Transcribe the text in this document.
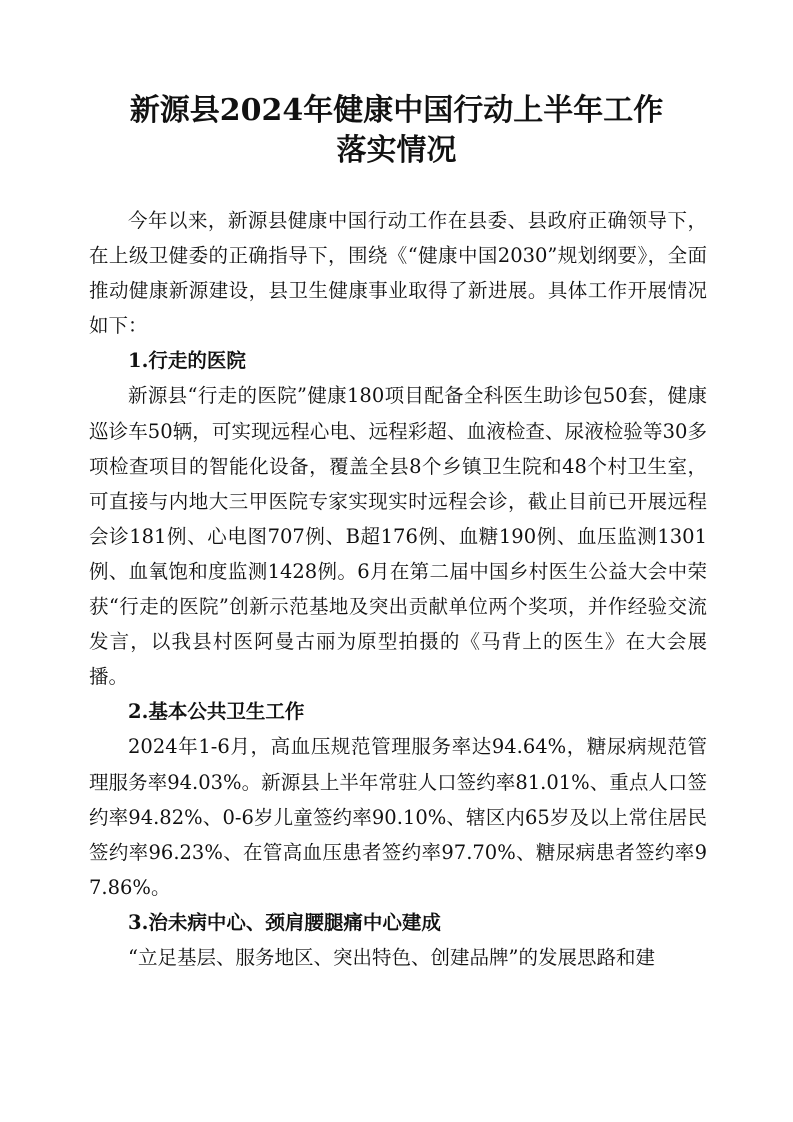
新源县2024年健康中国行动上半年工作
落实情况

今年以来，新源县健康中国行动工作在县委、县政府正确领导下，在上级卫健委的正确指导下，围绕《“健康中国2030”规划纲要》，全面推动健康新源建设，县卫生健康事业取得了新进展。具体工作开展情况如下：

1.行走的医院

新源县“行走的医院”健康180项目配备全科医生助诊包50套，健康巡诊车50辆，可实现远程心电、远程彩超、血液检查、尿液检验等30多项检查项目的智能化设备，覆盖全县8个乡镇卫生院和48个村卫生室，可直接与内地大三甲医院专家实现实时远程会诊，截止目前已开展远程会诊181例、心电图707例、B超176例、血糖190例、血压监测1301例、血氧饱和度监测1428例。6月在第二届中国乡村医生公益大会中荣获“行走的医院”创新示范基地及突出贡献单位两个奖项，并作经验交流发言，以我县村医阿曼古丽为原型拍摄的《马背上的医生》在大会展播。

2.基本公共卫生工作

2024年1-6月，高血压规范管理服务率达94.64%，糖尿病规范管理服务率94.03%。新源县上半年常驻人口签约率81.01%、重点人口签约率94.82%、0-6岁儿童签约率90.10%、辖区内65岁及以上常住居民签约率96.23%、在管高血压患者签约率97.70%、糖尿病患者签约率97.86%。

3.治未病中心、颈肩腰腿痛中心建成

“立足基层、服务地区、突出特色、创建品牌”的发展思路和建
